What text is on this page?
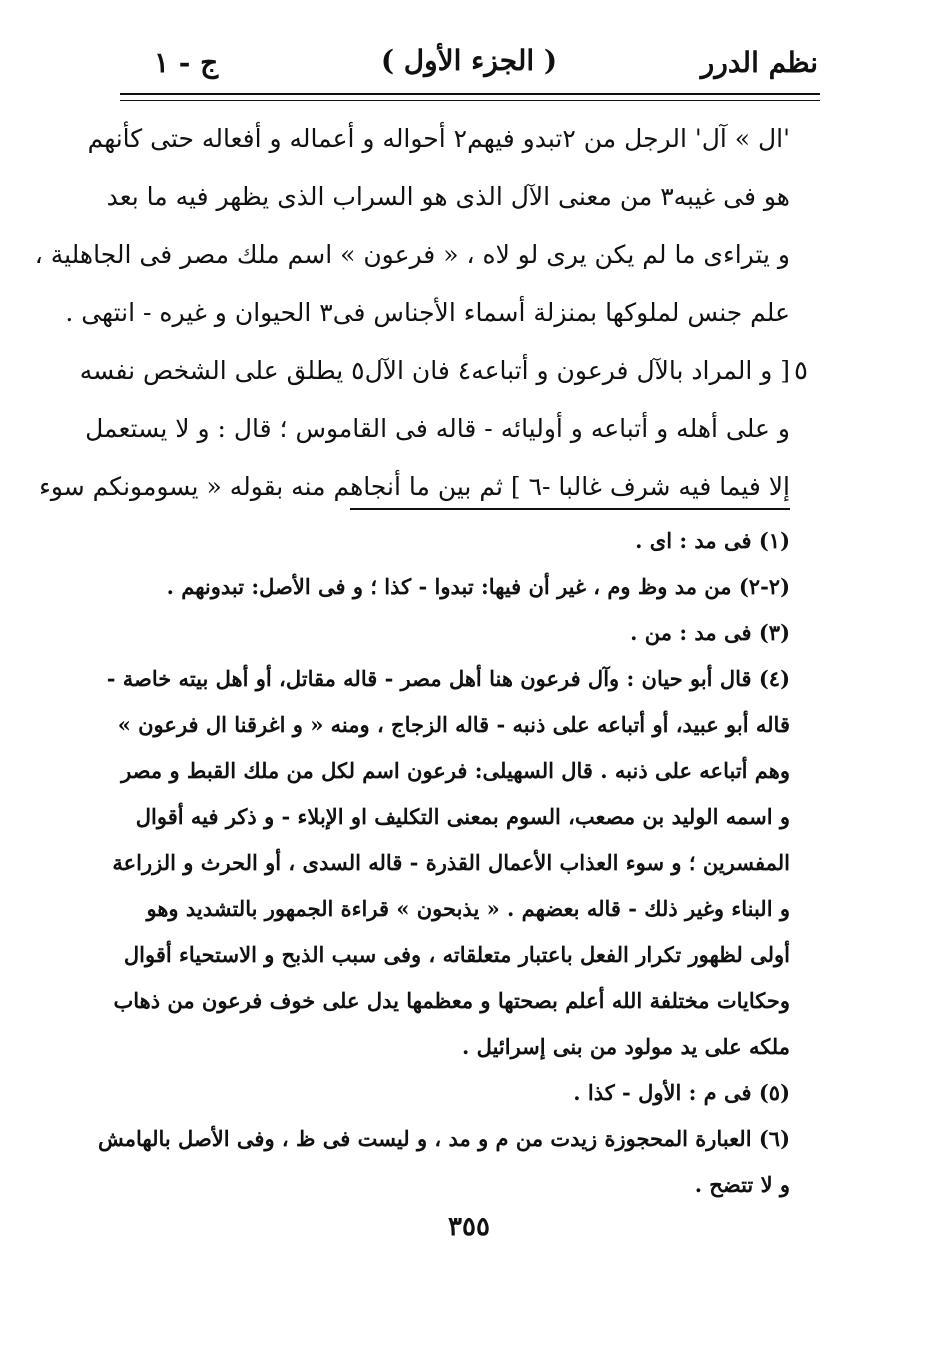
نظم الدرر
( الجزء الأول )
ج - ١
'ال » آل' الرجل من ٢تبدو فيهم٢ أحواله و أعماله و أفعاله حتى كأنهم
هو فى غيبه٣ من معنى الآل الذى هو السراب الذى يظهر فيه ما بعد
و يتراءى ما لم يكن يرى لو لاه ، « فرعون » اسم ملك مصر فى الجاهلية ،
علم جنس لملوكها بمنزلة أسماء الأجناس فى٣ الحيوان و غيره - انتهى .
[ و المراد بالآل فرعون و أتباعه٤ فان الآل٥ يطلق على الشخص نفسه
و على أهله و أتباعه و أوليائه - قاله فى القاموس ؛ قال : و لا يستعمل
إلا فيما فيه شرف غالبا -٦ ] ثم بين ما أنجاهم منه بقوله « يسومونكم سوء
٥
(١) فى مد : اى .
(٢-٢) من مد وظ وم ، غير أن فيها: تبدوا - كذا ؛ و فى الأصل: تبدونهم .
(٣) فى مد : من .
(٤) قال أبو حيان : وآل فرعون هنا أهل مصر - قاله مقاتل، أو أهل بيته خاصة -
قاله أبو عبيد، أو أتباعه على ذنبه - قاله الزجاج ، ومنه « و اغرقنا ال فرعون »
وهم أتباعه على ذنبه . قال السهيلى: فرعون اسم لكل من ملك القبط و مصر
و اسمه الوليد بن مصعب، السوم بمعنى التكليف او الإبلاء - و ذكر فيه أقوال
المفسرين ؛ و سوء العذاب الأعمال القذرة - قاله السدى ، أو الحرث و الزراعة
و البناء وغير ذلك - قاله بعضهم . « يذبحون » قراءة الجمهور بالتشديد وهو
أولى لظهور تكرار الفعل باعتبار متعلقاته ، وفى سبب الذبح و الاستحياء أقوال
وحكايات مختلفة الله أعلم بصحتها و معظمها يدل على خوف فرعون من ذهاب
ملكه على يد مولود من بنى إسرائيل .
(٥) فى م : الأول - كذا .
(٦) العبارة المحجوزة زيدت من م و مد ، و ليست فى ظ ، وفى الأصل بالهامش
و لا تتضح .
٣٥٥
